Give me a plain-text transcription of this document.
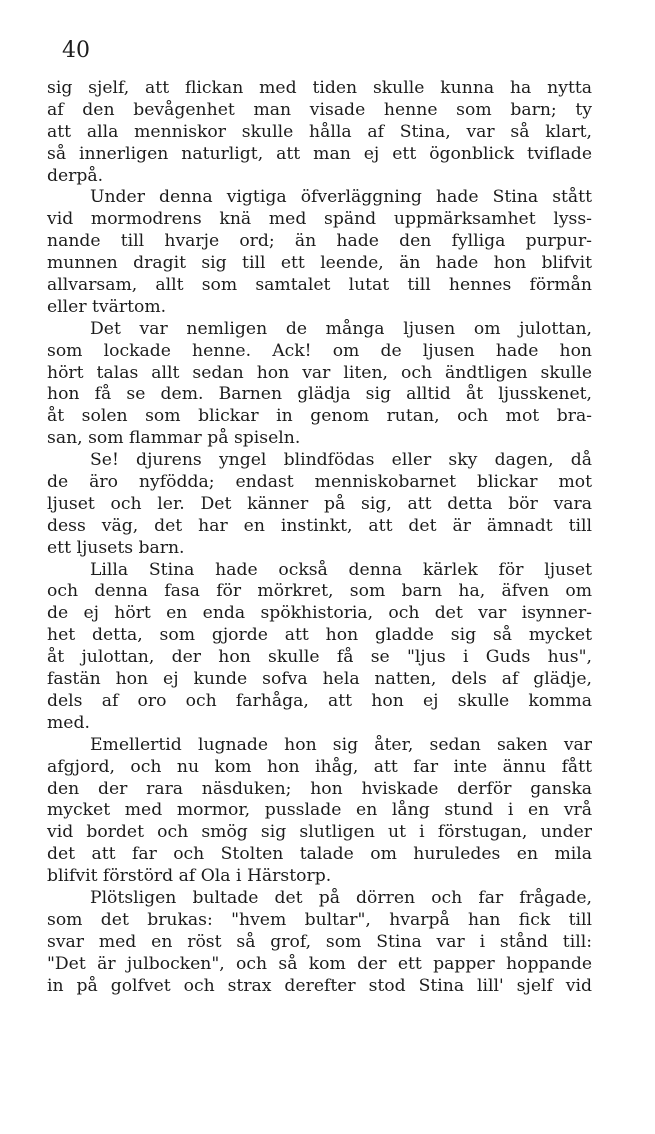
40
sig sjelf, att flickan med tiden skulle kunna ha nytta
af den bevågenhet man visade henne som barn; ty
att alla menniskor skulle hålla af Stina, var så klart,
så innerligen naturligt, att man ej ett ögonblick tviflade
derpå.
Under denna vigtiga öfverläggning hade Stina stått
vid mormodrens knä med spänd uppmärksamhet lyss-
nande till hvarje ord; än hade den fylliga purpur-
munnen dragit sig till ett leende, än hade hon blifvit
allvarsam, allt som samtalet lutat till hennes förmån
eller tvärtom.
Det var nemligen de många ljusen om julottan,
som lockade henne. Ack! om de ljusen hade hon
hört talas allt sedan hon var liten, och ändtligen skulle
hon få se dem. Barnen glädja sig alltid åt ljusskenet,
åt solen som blickar in genom rutan, och mot bra-
san, som flammar på spiseln.
Se! djurens yngel blindfödas eller sky dagen, då
de äro nyfödda; endast menniskobarnet blickar mot
ljuset och ler. Det känner på sig, att detta bör vara
dess väg, det har en instinkt, att det är ämnadt till
ett ljusets barn.
Lilla Stina hade också denna kärlek för ljuset
och denna fasa för mörkret, som barn ha, äfven om
de ej hört en enda spökhistoria, och det var isynner-
het detta, som gjorde att hon gladde sig så mycket
åt julottan, der hon skulle få se "ljus i Guds hus",
fastän hon ej kunde sofva hela natten, dels af glädje,
dels af oro och farhåga, att hon ej skulle komma
med.
Emellertid lugnade hon sig åter, sedan saken var
afgjord, och nu kom hon ihåg, att far inte ännu fått
den der rara näsduken; hon hviskade derför ganska
mycket med mormor, pusslade en lång stund i en vrå
vid bordet och smög sig slutligen ut i förstugan, under
det att far och Stolten talade om huruledes en mila
blifvit förstörd af Ola i Härstorp.
Plötsligen bultade det på dörren och far frågade,
som det brukas: "hvem bultar", hvarpå han fick till
svar med en röst så grof, som Stina var i stånd till:
"Det är julbocken", och så kom der ett papper hoppande
in på golfvet och strax derefter stod Stina lill' sjelf vid
